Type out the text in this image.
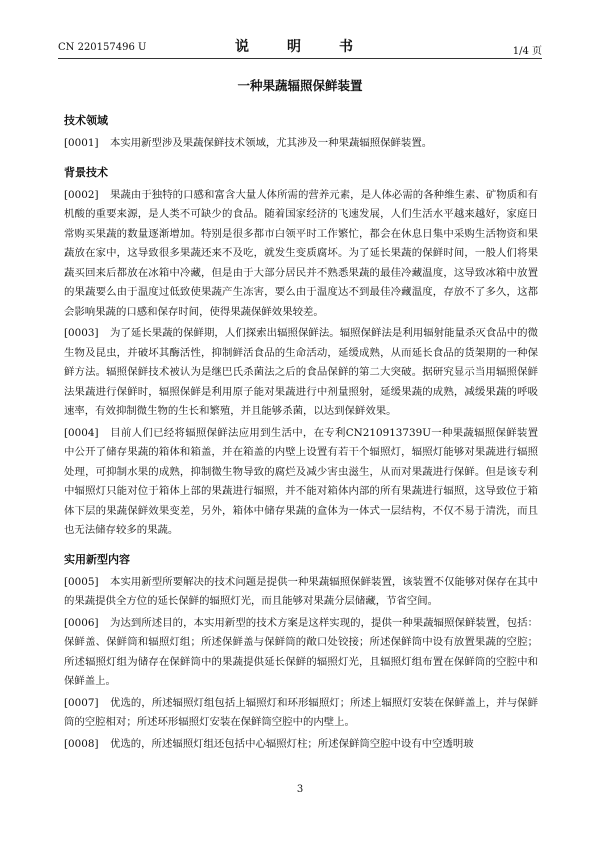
CN 220157496 U	说　明　书	1/4 页
一种果蔬辐照保鲜装置
技术领域
[0001] 本实用新型涉及果蔬保鲜技术领域，尤其涉及一种果蔬辐照保鲜装置。
背景技术
[0002] 果蔬由于独特的口感和富含大量人体所需的营养元素，是人体必需的各种维生素、矿物质和有机酸的重要来源，是人类不可缺少的食品。随着国家经济的飞速发展，人们生活水平越来越好，家庭日常购买果蔬的数量逐渐增加。特别是很多都市白领平时工作繁忙，都会在休息日集中采购生活物资和果蔬放在家中，这导致很多果蔬还来不及吃，就发生变质腐坏。为了延长果蔬的保鲜时间，一般人们将果蔬买回来后都放在冰箱中冷藏，但是由于大部分居民并不熟悉果蔬的最佳冷藏温度，这导致冰箱中放置的果蔬要么由于温度过低致使果蔬产生冻害，要么由于温度达不到最佳冷藏温度，存放不了多久，这都会影响果蔬的口感和保存时间，使得果蔬保鲜效果较差。
[0003] 为了延长果蔬的保鲜期，人们探索出辐照保鲜法。辐照保鲜法是利用辐射能量杀灭食品中的微生物及昆虫，并破坏其酶活性，抑制鲜活食品的生命活动，延缓成熟，从而延长食品的货架期的一种保鲜方法。辐照保鲜技术被认为是继巴氏杀菌法之后的食品保鲜的第二大突破。据研究显示当用辐照保鲜法果蔬进行保鲜时，辐照保鲜是利用原子能对果蔬进行中剂量照射，延缓果蔬的成熟，减缓果蔬的呼吸速率，有效抑制微生物的生长和繁殖，并且能够杀菌，以达到保鲜效果。
[0004] 目前人们已经将辐照保鲜法应用到生活中，在专利CN210913739U一种果蔬辐照保鲜装置中公开了储存果蔬的箱体和箱盖，并在箱盖的内壁上设置有若干个辐照灯，辐照灯能够对果蔬进行辐照处理，可抑制水果的成熟，抑制微生物导致的腐烂及减少害虫滋生，从而对果蔬进行保鲜。但是该专利中辐照灯只能对位于箱体上部的果蔬进行辐照，并不能对箱体内部的所有果蔬进行辐照，这导致位于箱体下层的果蔬保鲜效果变差，另外，箱体中储存果蔬的盒体为一体式一层结构，不仅不易于清洗，而且也无法储存较多的果蔬。
实用新型内容
[0005] 本实用新型所要解决的技术问题是提供一种果蔬辐照保鲜装置，该装置不仅能够对保存在其中的果蔬提供全方位的延长保鲜的辐照灯光，而且能够对果蔬分层储藏，节省空间。
[0006] 为达到所述目的，本实用新型的技术方案是这样实现的，提供一种果蔬辐照保鲜装置，包括：保鲜盖、保鲜筒和辐照灯组；所述保鲜盖与保鲜筒的敞口处铰接；所述保鲜筒中设有放置果蔬的空腔；所述辐照灯组为储存在保鲜筒中的果蔬提供延长保鲜的辐照灯光，且辐照灯组布置在保鲜筒的空腔中和保鲜盖上。
[0007] 优选的，所述辐照灯组包括上辐照灯和环形辐照灯；所述上辐照灯安装在保鲜盖上，并与保鲜筒的空腔相对；所述环形辐照灯安装在保鲜筒空腔中的内壁上。
[0008] 优选的，所述辐照灯组还包括中心辐照灯柱；所述保鲜筒空腔中设有中空透明玻
3
